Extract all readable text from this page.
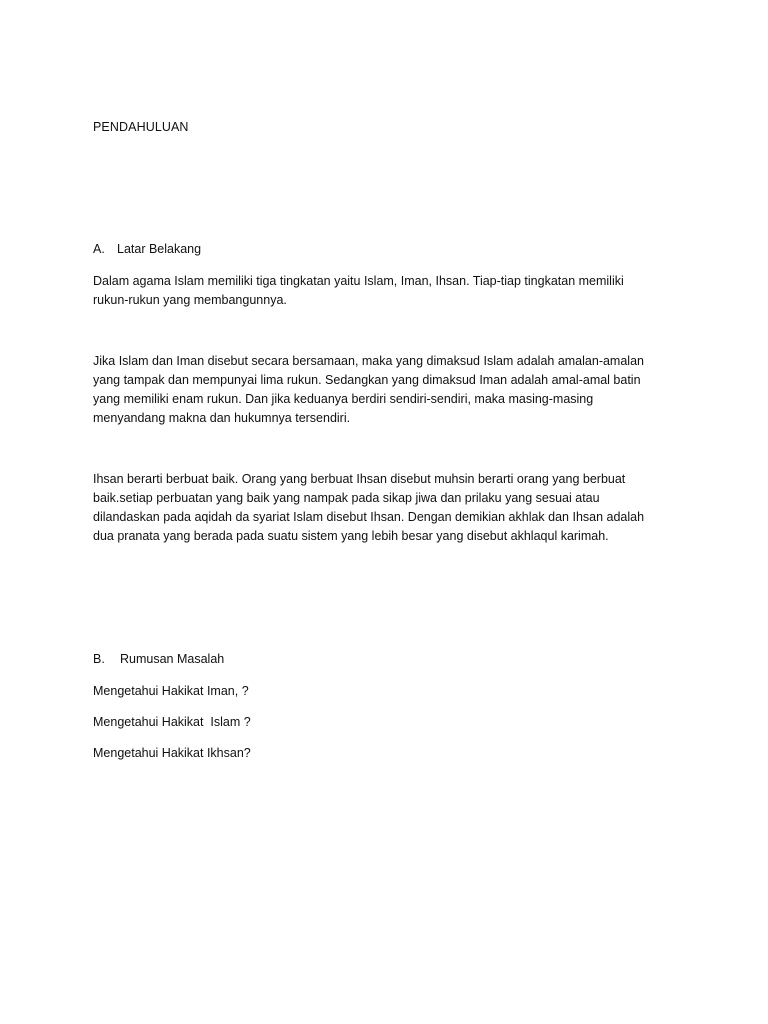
PENDAHULUAN
A. Latar Belakang
Dalam agama Islam memiliki tiga tingkatan yaitu Islam, Iman, Ihsan. Tiap-tiap tingkatan memiliki
rukun-rukun yang membangunnya.
Jika Islam dan Iman disebut secara bersamaan, maka yang dimaksud Islam adalah amalan-amalan
yang tampak dan mempunyai lima rukun. Sedangkan yang dimaksud Iman adalah amal-amal batin
yang memiliki enam rukun. Dan jika keduanya berdiri sendiri-sendiri, maka masing-masing
menyandang makna dan hukumnya tersendiri.
Ihsan berarti berbuat baik. Orang yang berbuat Ihsan disebut muhsin berarti orang yang berbuat
baik.setiap perbuatan yang baik yang nampak pada sikap jiwa dan prilaku yang sesuai atau
dilandaskan pada aqidah da syariat Islam disebut Ihsan. Dengan demikian akhlak dan Ihsan adalah
dua pranata yang berada pada suatu sistem yang lebih besar yang disebut akhlaqul karimah.
B. Rumusan Masalah
Mengetahui Hakikat Iman, ?
Mengetahui Hakikat  Islam ?
Mengetahui Hakikat Ikhsan?
